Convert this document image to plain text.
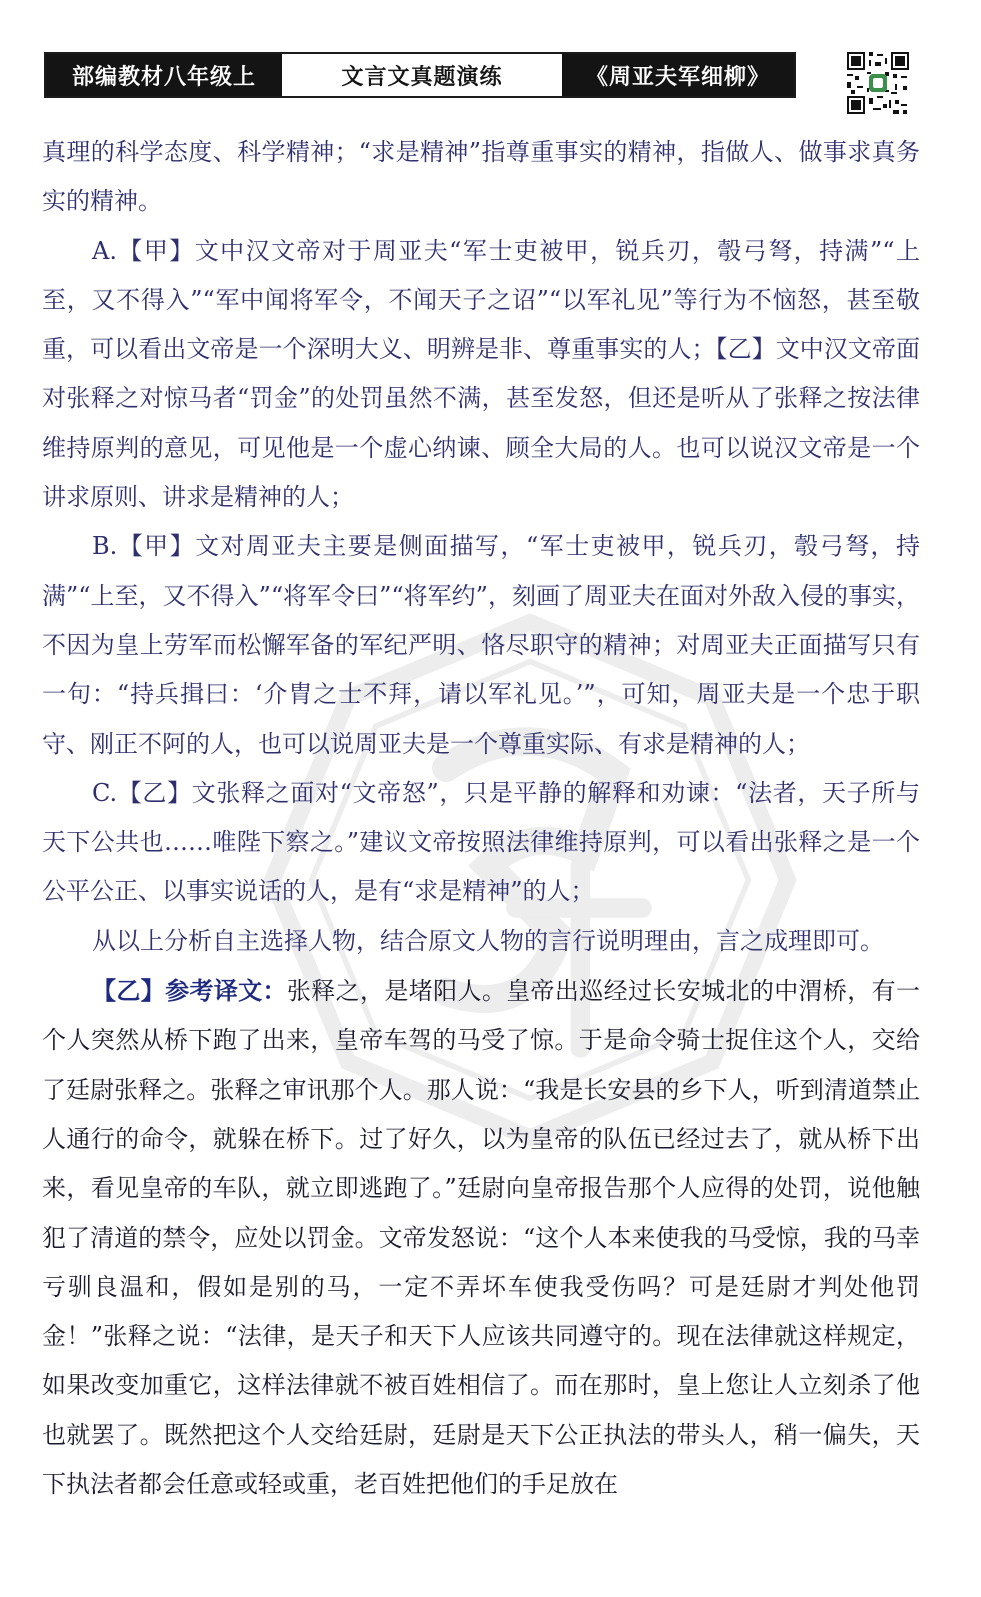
部编教材八年级上	文言文真题演练	《周亚夫军细柳》

真理的科学态度、科学精神；“求是精神”指尊重事实的精神，指做人、做事求真务实的精神。

A.【甲】文中汉文帝对于周亚夫“军士吏被甲，锐兵刃，彀弓弩，持满”“上至，又不得入”“军中闻将军令，不闻天子之诏”“以军礼见”等行为不恼怒，甚至敬重，可以看出文帝是一个深明大义、明辨是非、尊重事实的人；【乙】文中汉文帝面对张释之对惊马者“罚金”的处罚虽然不满，甚至发怒，但还是听从了张释之按法律维持原判的意见，可见他是一个虚心纳谏、顾全大局的人。也可以说汉文帝是一个讲求原则、讲求是精神的人；

B.【甲】文对周亚夫主要是侧面描写，“军士吏被甲，锐兵刃，彀弓弩，持满”“上至，又不得入”“将军令曰”“将军约”，刻画了周亚夫在面对外敌入侵的事实，不因为皇上劳军而松懈军备的军纪严明、恪尽职守的精神；对周亚夫正面描写只有一句：“持兵揖曰：‘介胄之士不拜，请以军礼见。’”，可知，周亚夫是一个忠于职守、刚正不阿的人，也可以说周亚夫是一个尊重实际、有求是精神的人；

C.【乙】文张释之面对“文帝怒”，只是平静的解释和劝谏：“法者，天子所与天下公共也……唯陛下察之。”建议文帝按照法律维持原判，可以看出张释之是一个公平公正、以事实说话的人，是有“求是精神”的人；

从以上分析自主选择人物，结合原文人物的言行说明理由，言之成理即可。

【乙】参考译文：张释之，是堵阳人。皇帝出巡经过长安城北的中渭桥，有一个人突然从桥下跑了出来，皇帝车驾的马受了惊。于是命令骑士捉住这个人，交给了廷尉张释之。张释之审讯那个人。那人说：“我是长安县的乡下人，听到清道禁止人通行的命令，就躲在桥下。过了好久，以为皇帝的队伍已经过去了，就从桥下出来，看见皇帝的车队，就立即逃跑了。”廷尉向皇帝报告那个人应得的处罚，说他触犯了清道的禁令，应处以罚金。文帝发怒说：“这个人本来使我的马受惊，我的马幸亏驯良温和，假如是别的马，一定不弄坏车使我受伤吗？可是廷尉才判处他罚金！”张释之说：“法律，是天子和天下人应该共同遵守的。现在法律就这样规定，如果改变加重它，这样法律就不被百姓相信了。而在那时，皇上您让人立刻杀了他也就罢了。既然把这个人交给廷尉，廷尉是天下公正执法的带头人，稍一偏失，天下执法者都会任意或轻或重，老百姓把他们的手足放在
